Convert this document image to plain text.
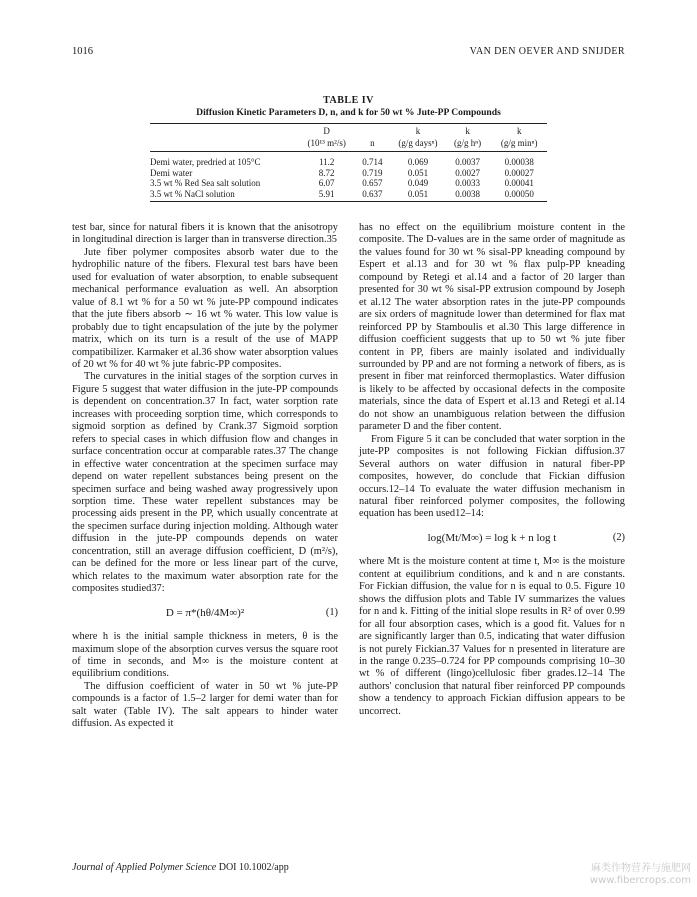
1016	VAN DEN OEVER AND SNIJDER
TABLE IV
Diffusion Kinetic Parameters D, n, and k for 50 wt % Jute-PP Compounds
	D		k	k	k
	(10¹³ m²/s)	n	(g/g daysⁿ)	(g/g hⁿ)	(g/g minⁿ)
Demi water, predried at 105°C	11.2	0.714	0.069	0.0037	0.00038
Demi water	8.72	0.719	0.051	0.0027	0.00027
3.5 wt % Red Sea salt solution	6.07	0.657	0.049	0.0033	0.00041
3.5 wt % NaCl solution	5.91	0.637	0.051	0.0038	0.00050

test bar, since for natural fibers it is known that the anisotropy in longitudinal direction is larger than in transverse direction.35

Jute fiber polymer composites absorb water due to the hydrophilic nature of the fibers. Flexural test bars have been used for evaluation of water absorption, to enable subsequent mechanical performance evaluation as well. An absorption value of 8.1 wt % for a 50 wt % jute-PP compound indicates that the jute fibers absorb ∼ 16 wt % water. This low value is probably due to tight encapsulation of the jute by the polymer matrix, which on its turn is a result of the use of MAPP compatibilizer. Karmaker et al.36 show water absorption values of 20 wt % for 40 wt % jute fabric-PP composites.

The curvatures in the initial stages of the sorption curves in Figure 5 suggest that water diffusion in the jute-PP compounds is dependent on concentration.37 In fact, water sorption rate increases with proceeding sorption time, which corresponds to sigmoid sorption as defined by Crank.37 Sigmoid sorption refers to special cases in which diffusion flow and changes in surface concentration occur at comparable rates.37 The change in effective water concentration at the specimen surface may depend on water repellent substances being present on the specimen surface and being washed away progressively upon sorption time. These water repellent substances may be processing aids present in the PP, which usually concentrate at the specimen surface during injection molding. Although water diffusion in the jute-PP compounds depends on water concentration, still an average diffusion coefficient, D (m²/s), can be defined for the more or less linear part of the curve, which relates to the maximum water absorption rate for the composites studied37:

D = π*(hθ/4M∞)²	(1)

where h is the initial sample thickness in meters, θ is the maximum slope of the absorption curves versus the square root of time in seconds, and M∞ is the moisture content at equilibrium conditions.

The diffusion coefficient of water in 50 wt % jute-PP compounds is a factor of 1.5–2 larger for demi water than for salt water (Table IV). The salt appears to hinder water diffusion. As expected it

has no effect on the equilibrium moisture content in the composite. The D-values are in the same order of magnitude as the values found for 30 wt % sisal-PP kneading compound by Espert et al.13 and for 30 wt % flax pulp-PP kneading compound by Retegi et al.14 and a factor of 20 larger than presented for 30 wt % sisal-PP extrusion compound by Joseph et al.12 The water absorption rates in the jute-PP compounds are six orders of magnitude lower than determined for flax mat reinforced PP by Stamboulis et al.30 This large difference in diffusion coefficient suggests that up to 50 wt % jute fiber content in PP, fibers are mainly isolated and individually surrounded by PP and are not forming a network of fibers, as is present in fiber mat reinforced thermoplastics. Water diffusion is likely to be affected by occasional defects in the composite materials, since the data of Espert et al.13 and Retegi et al.14 do not show an unambiguous relation between the diffusion parameter D and the fiber content.

From Figure 5 it can be concluded that water sorption in the jute-PP composites is not following Fickian diffusion.37 Several authors on water diffusion in natural fiber-PP composites, however, do conclude that Fickian diffusion occurs.12–14 To evaluate the water diffusion mechanism in natural fiber reinforced polymer composites, the following equation has been used12–14:

log(Mt/M∞) = log k + n log t	(2)

where Mt is the moisture content at time t, M∞ is the moisture content at equilibrium conditions, and k and n are constants. For Fickian diffusion, the value for n is equal to 0.5. Figure 10 shows the diffusion plots and Table IV summarizes the values for n and k. Fitting of the initial slope results in R² of over 0.99 for all four absorption cases, which is a good fit. Values for n are significantly larger than 0.5, indicating that water diffusion is not purely Fickian.37 Values for n presented in literature are in the range 0.235–0.724 for PP compounds comprising 10–30 wt % of different (lingo)cellulosic fiber grades.12–14 The authors' conclusion that natural fiber reinforced PP compounds show a tendency to approach Fickian diffusion appears to be uncorrect.

Journal of Applied Polymer Science DOI 10.1002/app	麻类作物营养与施肥网
www.fibercrops.com
